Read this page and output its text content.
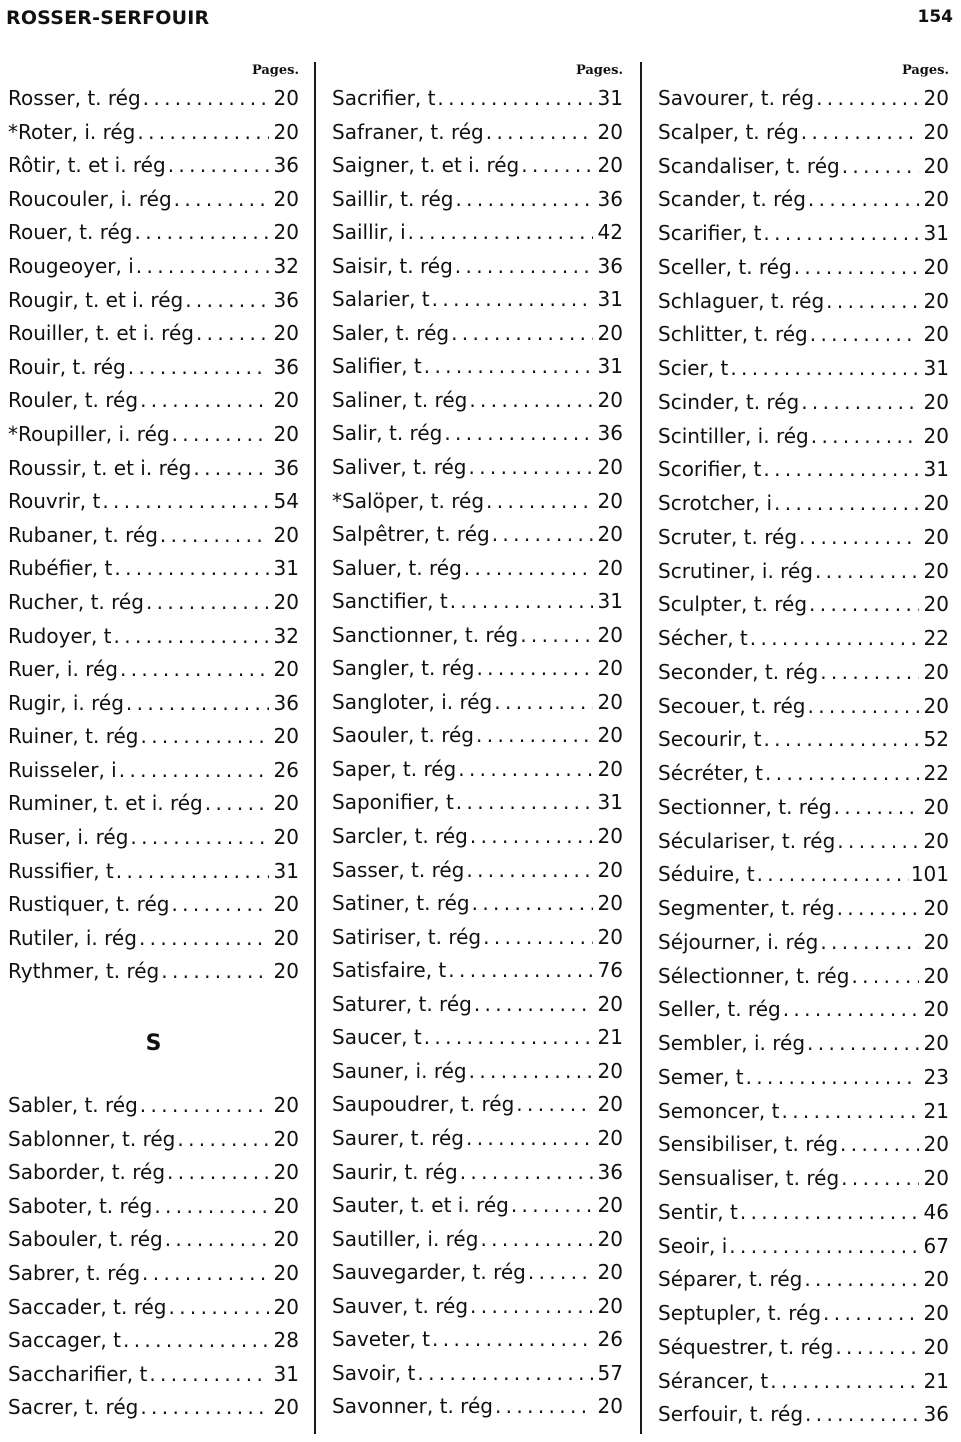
ROSSER-SERFOUIR	154
Pages.
Rosser, t. rég . . .	20
*Roter, i. rég . . .	20
Rôtir, t. et i. rég . . .	36
Roucouler, i. rég . . .	20
Rouer, t. rég . . .	20
Rougeoyer, i . . .	32
Rougir, t. et i. rég . . .	36
Rouiller, t. et i. rég . . .	20
Rouir, t. rég . . .	36
Rouler, t. rég . . .	20
*Roupiller, i. rég . . .	20
Roussir, t. et i. rég . . .	36
Rouvrir, t . . .	54
Rubaner, t. rég . . .	20
Rubéfier, t . . .	31
Rucher, t. rég . . .	20
Rudoyer, t . . .	32
Ruer, i. rég . . .	20
Rugir, i. rég . . .	36
Ruiner, t. rég . . .	20
Ruisseler, i . . .	26
Ruminer, t. et i. rég . . .	20
Ruser, i. rég . . .	20
Russifier, t . . .	31
Rustiquer, t. rég . . .	20
Rutiler, i. rég . . .	20
Rythmer, t. rég . . .	20
S
Sabler, t. rég . . .	20
Sablonner, t. rég . . .	20
Saborder, t. rég . . .	20
Saboter, t. rég . . .	20
Sabouler, t. rég . . .	20
Sabrer, t. rég . . .	20
Saccader, t. rég . . .	20
Saccager, t . . .	28
Saccharifier, t . . .	31
Sacrer, t. rég . . .	20
Pages.
Sacrifier, t . . .	31
Safraner, t. rég . . .	20
Saigner, t. et i. rég . . .	20
Saillir, t. rég . . .	36
Saillir, i . . .	42
Saisir, t. rég . . .	36
Salarier, t . . .	31
Saler, t. rég . . .	20
Salifier, t . . .	31
Saliner, t. rég . . .	20
Salir, t. rég . . .	36
Saliver, t. rég . . .	20
*Salöper, t. rég . . .	20
Salpêtrer, t. rég . . .	20
Saluer, t. rég . . .	20
Sanctifier, t . . .	31
Sanctionner, t. rég . . .	20
Sangler, t. rég . . .	20
Sangloter, i. rég . . .	20
Saouler, t. rég . . .	20
Saper, t. rég . . .	20
Saponifier, t . . .	31
Sarcler, t. rég . . .	20
Sasser, t. rég . . .	20
Satiner, t. rég . . .	20
Satiriser, t. rég . . .	20
Satisfaire, t . . .	76
Saturer, t. rég . . .	20
Saucer, t . . .	21
Sauner, i. rég . . .	20
Saupoudrer, t. rég . . .	20
Saurer, t. rég . . .	20
Saurir, t. rég . . .	36
Sauter, t. et i. rég . . .	20
Sautiller, i. rég . . .	20
Sauvegarder, t. rég . . .	20
Sauver, t. rég . . .	20
Saveter, t . . .	26
Savoir, t . . .	57
Savonner, t. rég . . .	20
Pages.
Savourer, t. rég . . .	20
Scalper, t. rég . . .	20
Scandaliser, t. rég . . .	20
Scander, t. rég . . .	20
Scarifier, t . . .	31
Sceller, t. rég . . .	20
Schlaguer, t. rég . . .	20
Schlitter, t. rég . . .	20
Scier, t . . .	31
Scinder, t. rég . . .	20
Scintiller, i. rég . . .	20
Scorifier, t . . .	31
Scrotcher, i . . .	20
Scruter, t. rég . . .	20
Scrutiner, i. rég . . .	20
Sculpter, t. rég . . .	20
Sécher, t . . .	22
Seconder, t. rég . . .	20
Secouer, t. rég . . .	20
Secourir, t . . .	52
Sécréter, t . . .	22
Sectionner, t. rég . . .	20
Séculariser, t. rég . . .	20
Séduire, t . . .	101
Segmenter, t. rég . . .	20
Séjourner, i. rég . . .	20
Sélectionner, t. rég . . .	20
Seller, t. rég . . .	20
Sembler, i. rég . . .	20
Semer, t . . .	23
Semoncer, t . . .	21
Sensibiliser, t. rég . . .	20
Sensualiser, t. rég . . .	20
Sentir, t . . .	46
Seoir, i . . .	67
Séparer, t. rég . . .	20
Septupler, t. rég . . .	20
Séquestrer, t. rég . . .	20
Sérancer, t . . .	21
Serfouir, t. rég . . .	36
